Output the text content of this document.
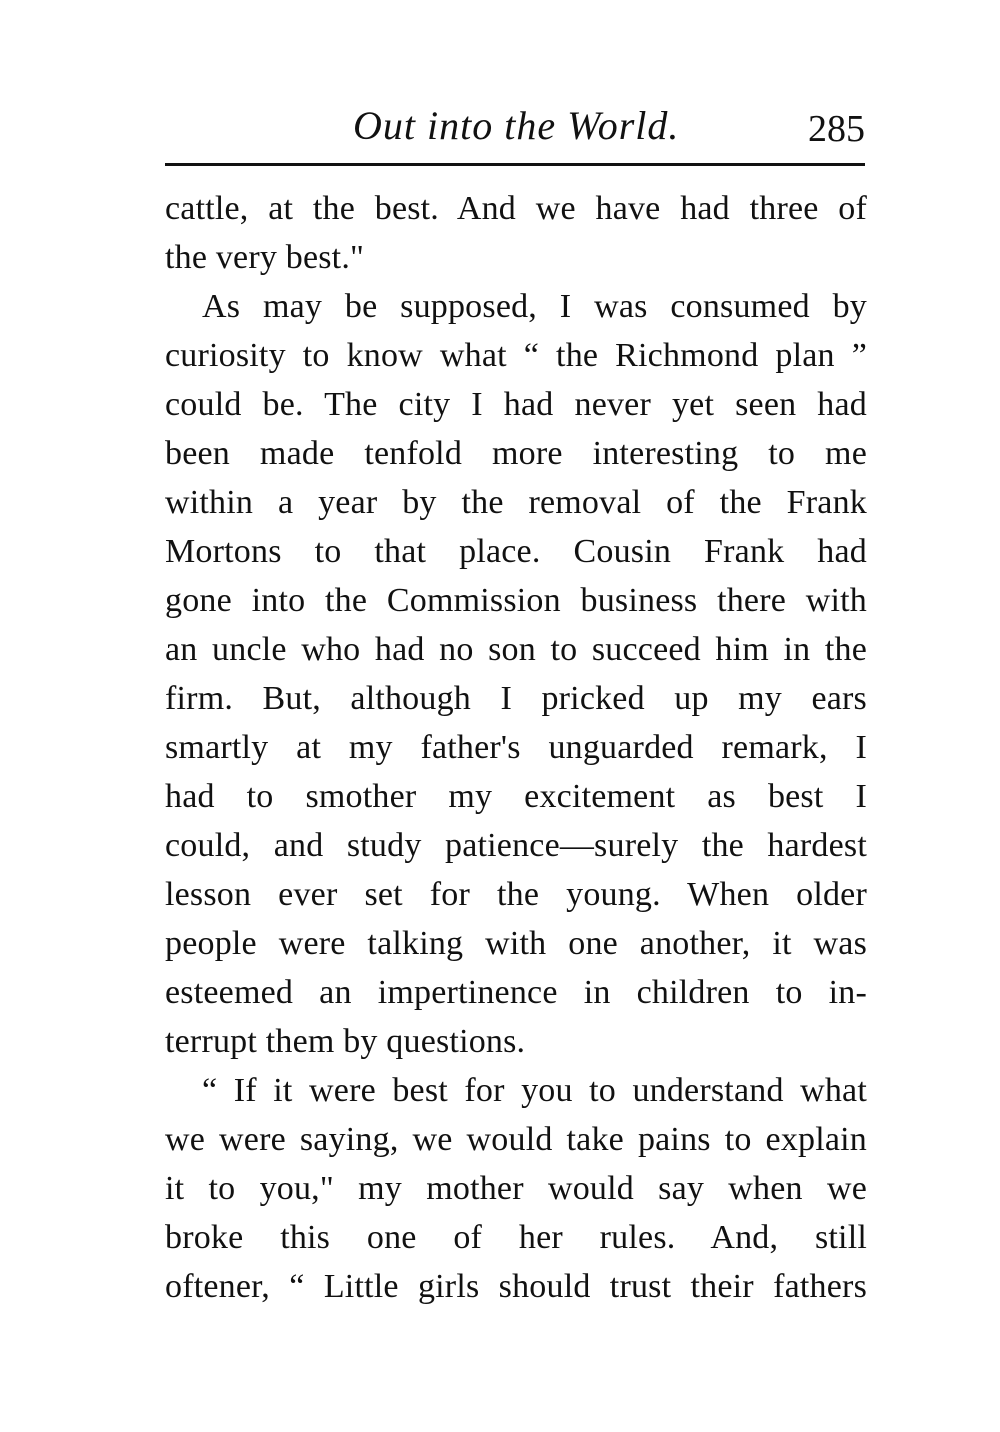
Out into the World.	285
cattle, at the best. And we have had three of
the very best."
As may be supposed, I was consumed by
curiosity to know what “ the Richmond plan ”
could be. The city I had never yet seen had
been made tenfold more interesting to me
within a year by the removal of the Frank
Mortons to that place. Cousin Frank had
gone into the Commission business there with
an uncle who had no son to succeed him in the
firm. But, although I pricked up my ears
smartly at my father's unguarded remark, I
had to smother my excitement as best I
could, and study patience—surely the hardest
lesson ever set for the young. When older
people were talking with one another, it was
esteemed an impertinence in children to in-
terrupt them by questions.
“ If it were best for you to understand what
we were saying, we would take pains to explain
it to you," my mother would say when we
broke this one of her rules. And, still
oftener, “ Little girls should trust their fathers
